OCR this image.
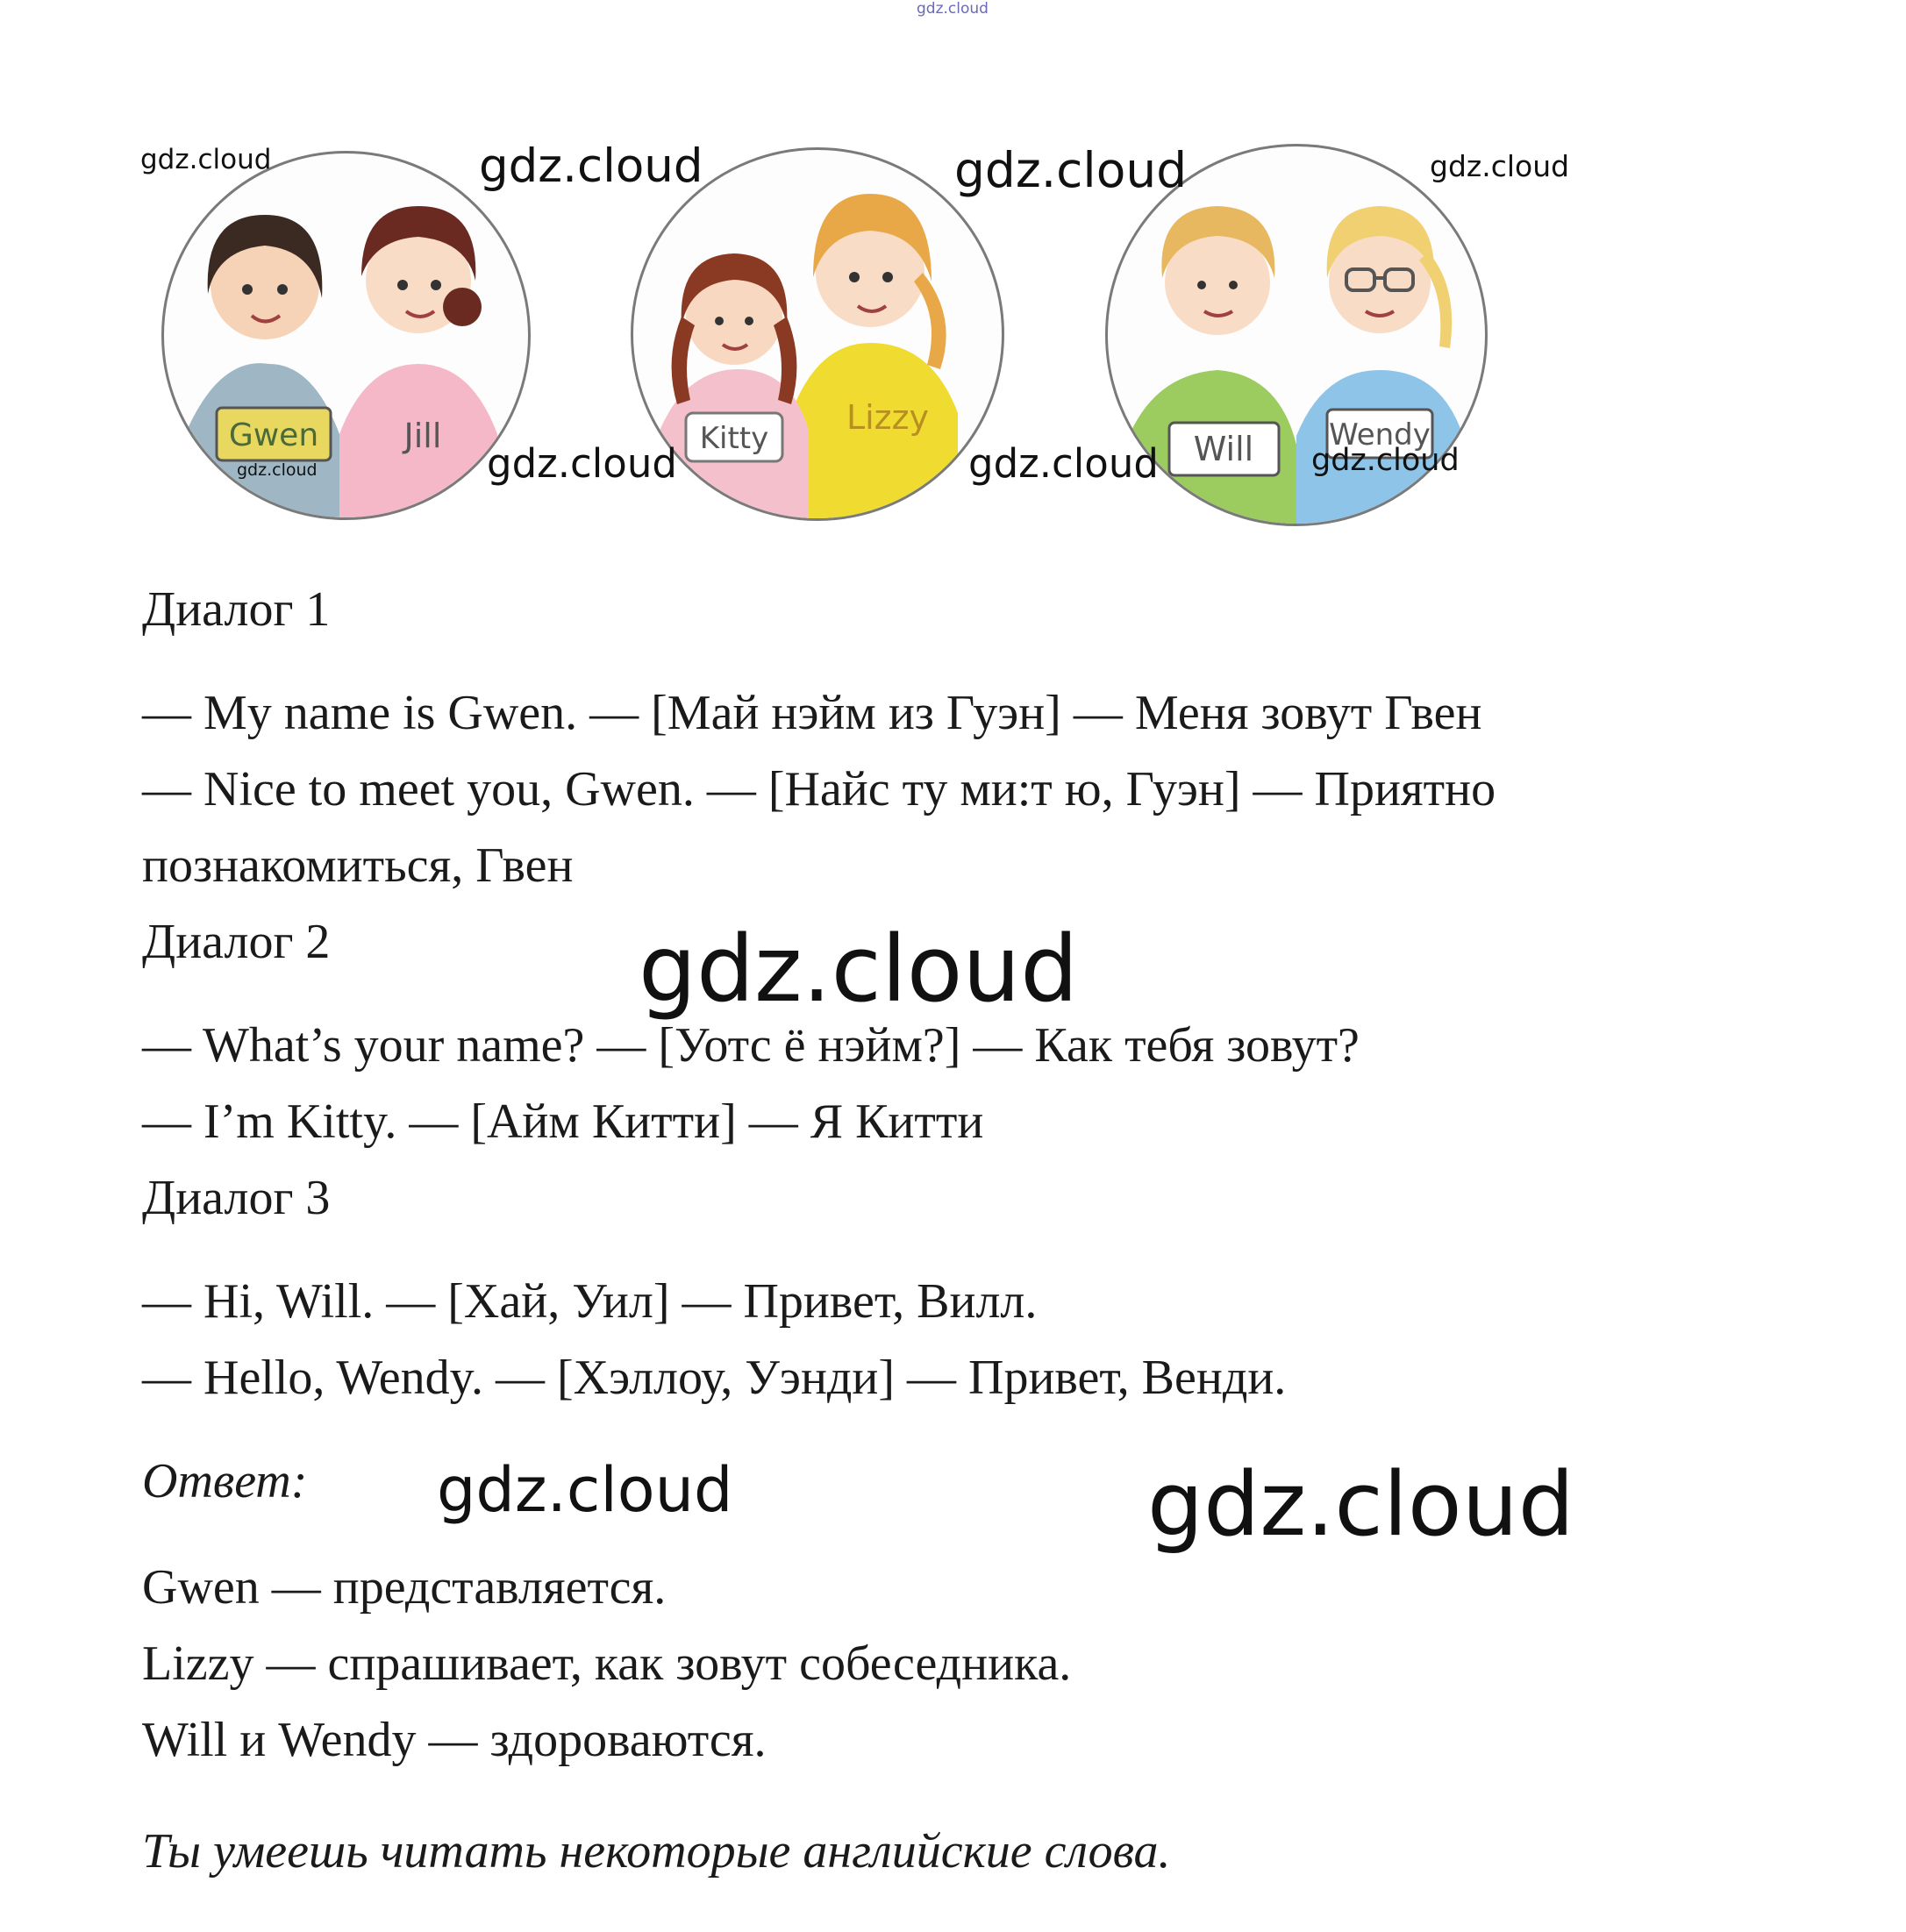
gdz.cloud
Gwen	Jill	Lizzy
Kitty	Will	Wendy
gdz.cloud	gdz.cloud	gdz.cloud	gdz.cloud
gdz.cloud	gdz.cloud	gdz.cloud	gdz.cloud
Диалог 1
— My name is Gwen. — [Май нэйм из Гуэн] — Меня зовут Гвен
— Nice to meet you, Gwen. — [Найс ту ми:т ю, Гуэн] — Приятно
познакомиться, Гвен
Диалог 2	gdz.cloud
— What’s your name? — [Уотс ё нэйм?] — Как тебя зовут?
— I’m Kitty. — [Айм Китти] — Я Китти
Диалог 3
— Hi, Will. — [Хай, Уил] — Привет, Вилл.
— Hello, Wendy. — [Хэллоу, Уэнди] — Привет, Венди.
Ответ: gdz.cloud	gdz.cloud
Gwen — представляется.
Lizzy — спрашивает, как зовут собеседника.
Will и Wendy — здороваются.
Ты умеешь читать некоторые английские слова.
